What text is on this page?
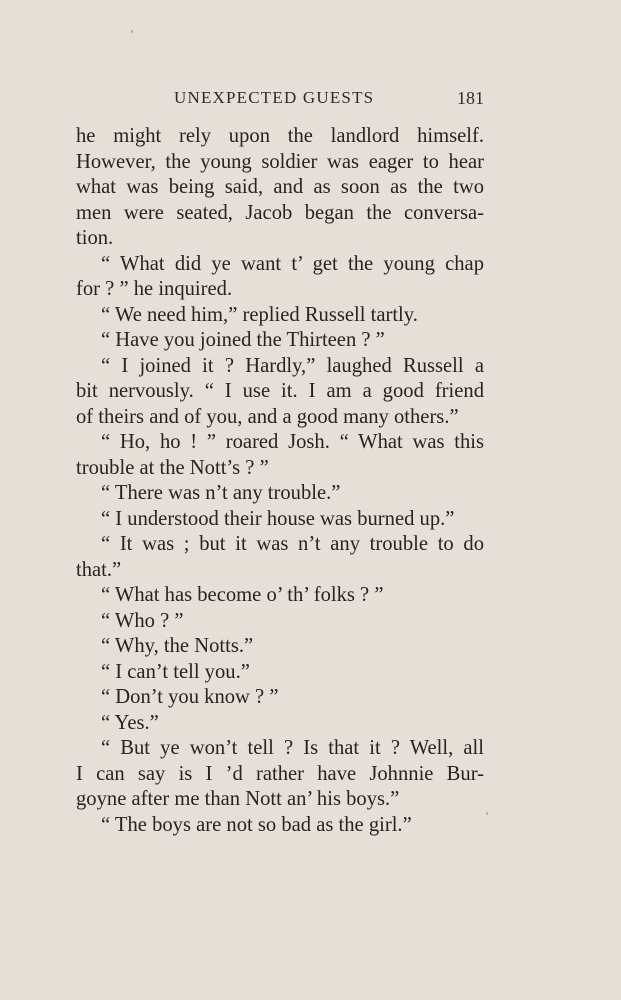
UNEXPECTED GUESTS	181
he might rely upon the landlord himself.
However, the young soldier was eager to hear
what was being said, and as soon as the two
men were seated, Jacob began the conversa-
tion.
“ What did ye want t’ get the young chap
for ? ” he inquired.
“ We need him,” replied Russell tartly.
“ Have you joined the Thirteen ? ”
“ I joined it ? Hardly,” laughed Russell a
bit nervously. “ I use it. I am a good friend
of theirs and of you, and a good many others.”
“ Ho, ho ! ” roared Josh. “ What was this
trouble at the Nott’s ? ”
“ There was n’t any trouble.”
“ I understood their house was burned up.”
“ It was ; but it was n’t any trouble to do
that.”
“ What has become o’ th’ folks ? ”
“ Who ? ”
“ Why, the Notts.”
“ I can’t tell you.”
“ Don’t you know ? ”
“ Yes.”
“ But ye won’t tell ? Is that it ? Well, all
I can say is I ’d rather have Johnnie Bur-
goyne after me than Nott an’ his boys.”
“ The boys are not so bad as the girl.”
